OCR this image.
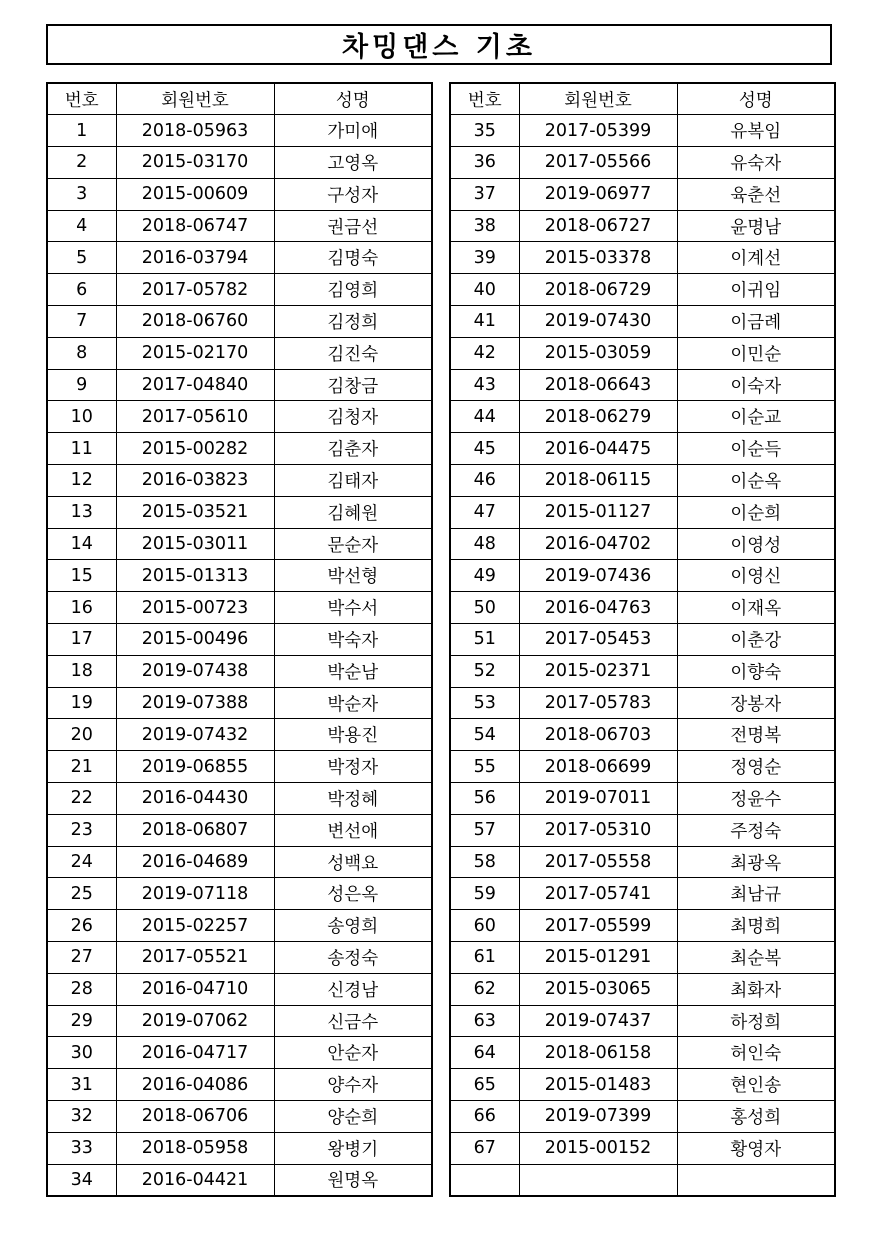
차밍댄스 기초
번호	회원번호	성명
1	2018-05963	가미애
2	2015-03170	고영옥
3	2015-00609	구성자
4	2018-06747	권금선
5	2016-03794	김명숙
6	2017-05782	김영희
7	2018-06760	김정희
8	2015-02170	김진숙
9	2017-04840	김창금
10	2017-05610	김청자
11	2015-00282	김춘자
12	2016-03823	김태자
13	2015-03521	김혜원
14	2015-03011	문순자
15	2015-01313	박선형
16	2015-00723	박수서
17	2015-00496	박숙자
18	2019-07438	박순남
19	2019-07388	박순자
20	2019-07432	박용진
21	2019-06855	박정자
22	2016-04430	박정혜
23	2018-06807	변선애
24	2016-04689	성백요
25	2019-07118	성은옥
26	2015-02257	송영희
27	2017-05521	송정숙
28	2016-04710	신경남
29	2019-07062	신금수
30	2016-04717	안순자
31	2016-04086	양수자
32	2018-06706	양순희
33	2018-05958	왕병기
34	2016-04421	원명옥
번호	회원번호	성명
35	2017-05399	유복임
36	2017-05566	유숙자
37	2019-06977	육춘선
38	2018-06727	윤명남
39	2015-03378	이계선
40	2018-06729	이귀임
41	2019-07430	이금례
42	2015-03059	이민순
43	2018-06643	이숙자
44	2018-06279	이순교
45	2016-04475	이순득
46	2018-06115	이순옥
47	2015-01127	이순희
48	2016-04702	이영성
49	2019-07436	이영신
50	2016-04763	이재옥
51	2017-05453	이춘강
52	2015-02371	이향숙
53	2017-05783	장봉자
54	2018-06703	전명복
55	2018-06699	정영순
56	2019-07011	정윤수
57	2017-05310	주정숙
58	2017-05558	최광옥
59	2017-05741	최남규
60	2017-05599	최명희
61	2015-01291	최순복
62	2015-03065	최화자
63	2019-07437	하정희
64	2018-06158	허인숙
65	2015-01483	현인송
66	2019-07399	홍성희
67	2015-00152	황영자
